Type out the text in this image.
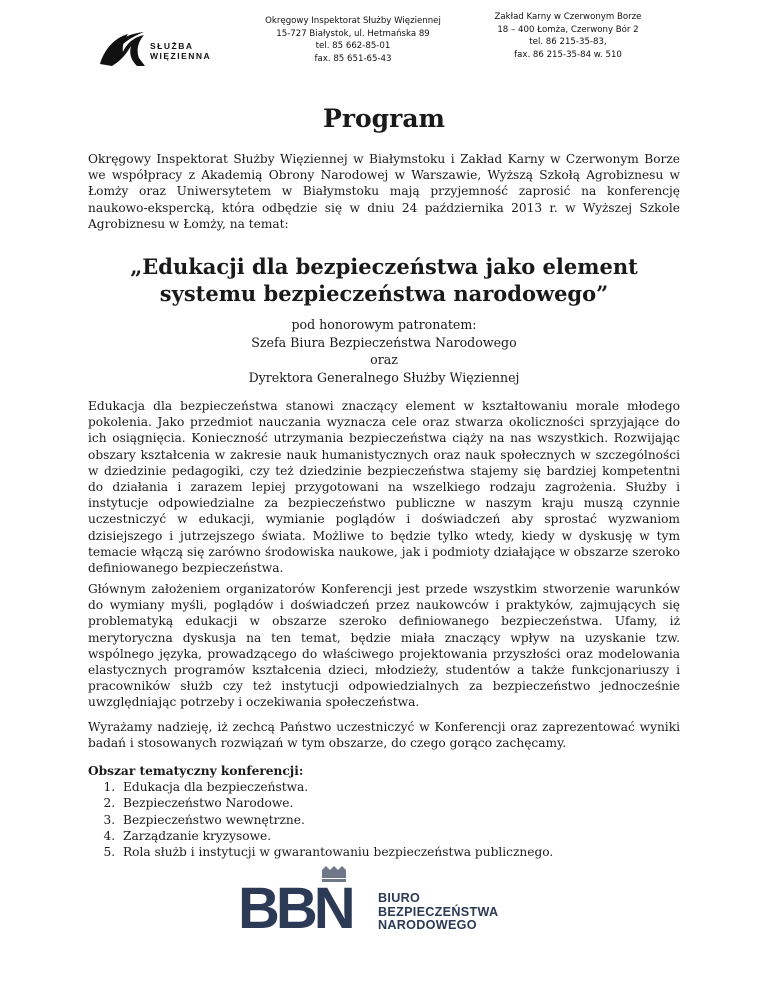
SŁUŻBA
WIĘZIENNA
Okręgowy Inspektorat Służby Więziennej
15-727 Białystok, ul. Hetmańska 89
tel. 85 662-85-01
fax. 85 651-65-43
Zakład Karny w Czerwonym Borze
18 – 400 Łomża, Czerwony Bór 2
tel. 86 215-35-83,
fax. 86 215-35-84 w. 510
Program

Okręgowy Inspektorat Służby Więziennej w Białymstoku i Zakład Karny w Czerwonym Borze we współpracy z Akademią Obrony Narodowej w Warszawie, Wyższą Szkołą Agrobiznesu w Łomży oraz Uniwersytetem w Białymstoku mają przyjemność zaprosić na konferencję naukowo-ekspercką, która odbędzie się w dniu 24 października 2013 r. w Wyższej Szkole Agrobiznesu w Łomży, na temat:

„Edukacji dla bezpieczeństwa jako element systemu bezpieczeństwa narodowego”
pod honorowym patronatem:
Szefa Biura Bezpieczeństwa Narodowego
oraz
Dyrektora Generalnego Służby Więziennej

Edukacja dla bezpieczeństwa stanowi znaczący element w kształtowaniu morale młodego pokolenia. Jako przedmiot nauczania wyznacza cele oraz stwarza okoliczności sprzyjające do ich osiągnięcia. Konieczność utrzymania bezpieczeństwa ciąży na nas wszystkich. Rozwijając obszary kształcenia w zakresie nauk humanistycznych oraz nauk społecznych w szczególności w dziedzinie pedagogiki, czy też dziedzinie bezpieczeństwa stajemy się bardziej kompetentni do działania i zarazem lepiej przygotowani na wszelkiego rodzaju zagrożenia. Służby i instytucje odpowiedzialne za bezpieczeństwo publiczne w naszym kraju muszą czynnie uczestniczyć w edukacji, wymianie poglądów i doświadczeń aby sprostać wyzwaniom dzisiejszego i jutrzejszego świata. Możliwe to będzie tylko wtedy, kiedy w dyskusję w tym temacie włączą się zarówno środowiska naukowe, jak i podmioty działające w obszarze szeroko definiowanego bezpieczeństwa.

Głównym założeniem organizatorów Konferencji jest przede wszystkim stworzenie warunków do wymiany myśli, poglądów i doświadczeń przez naukowców i praktyków, zajmujących się problematyką edukacji w obszarze szeroko definiowanego bezpieczeństwa. Ufamy, iż merytoryczna dyskusja na ten temat, będzie miała znaczący wpływ na uzyskanie tzw. wspólnego języka, prowadzącego do właściwego projektowania przyszłości oraz modelowania elastycznych programów kształcenia dzieci, młodzieży, studentów a także funkcjonariuszy i pracowników służb czy też instytucji odpowiedzialnych za bezpieczeństwo jednocześnie uwzględniając potrzeby i oczekiwania społeczeństwa.

Wyrażamy nadzieję, iż zechcą Państwo uczestniczyć w Konferencji oraz zaprezentować wyniki badań i stosowanych rozwiązań w tym obszarze, do czego gorąco zachęcamy.

Obszar tematyczny konferencji:
1. Edukacja dla bezpieczeństwa.
2. Bezpieczeństwo Narodowe.
3. Bezpieczeństwo wewnętrzne.
4. Zarządzanie kryzysowe.
5. Rola służb i instytucji w gwarantowaniu bezpieczeństwa publicznego.
BBN BIURO
BEZPIECZEŃSTWA
NARODOWEGO
